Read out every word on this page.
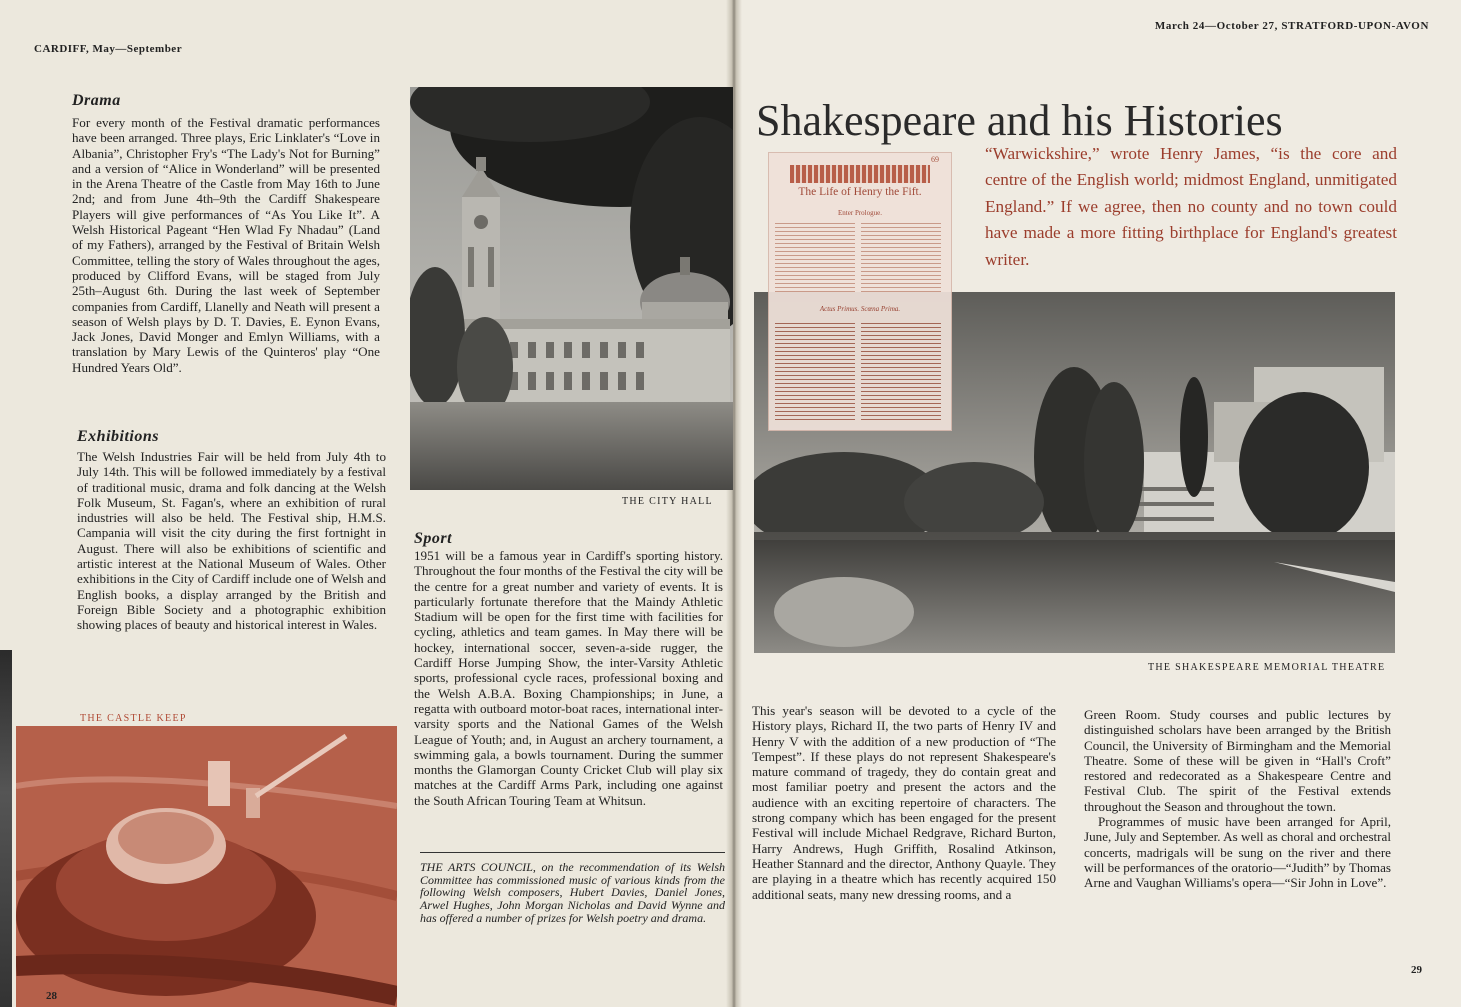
CARDIFF, May—September
Drama

For every month of the Festival dramatic performances have been arranged. Three plays, Eric Linklater's “Love in Albania”, Christopher Fry's “The Lady's Not for Burning” and a version of “Alice in Wonderland” will be presented in the Arena Theatre of the Castle from May 16th to June 2nd; and from June 4th–9th the Cardiff Shakespeare Players will give performances of “As You Like It”. A Welsh Historical Pageant “Hen Wlad Fy Nhadau” (Land of my Fathers), arranged by the Festival of Britain Welsh Committee, telling the story of Wales throughout the ages, produced by Clifford Evans, will be staged from July 25th–August 6th. During the last week of September companies from Cardiff, Llanelly and Neath will present a season of Welsh plays by D. T. Davies, E. Eynon Evans, Jack Jones, David Monger and Emlyn Williams, with a translation by Mary Lewis of the Quinteros' play “One Hundred Years Old”.

Exhibitions

The Welsh Industries Fair will be held from July 4th to July 14th. This will be followed immediately by a festival of traditional music, drama and folk dancing at the Welsh Folk Museum, St. Fagan's, where an exhibition of rural industries will also be held. The Festival ship, H.M.S. Campania will visit the city during the first fortnight in August. There will also be exhibitions of scientific and artistic interest at the National Museum of Wales. Other exhibitions in the City of Cardiff include one of Welsh and English books, a display arranged by the British and Foreign Bible Society and a photographic exhibition showing places of beauty and historical interest in Wales.

THE CITY HALL
Sport

1951 will be a famous year in Cardiff's sporting history. Throughout the four months of the Festival the city will be the centre for a great number and variety of events. It is particularly fortunate therefore that the Maindy Athletic Stadium will be open for the first time with facilities for cycling, athletics and team games. In May there will be hockey, international soccer, seven-a-side rugger, the Cardiff Horse Jumping Show, the inter-Varsity Athletic sports, professional cycle races, professional boxing and the Welsh A.B.A. Boxing Championships; in June, a regatta with outboard motor-boat races, international inter-varsity sports and the National Games of the Welsh League of Youth; and, in August an archery tournament, a swimming gala, a bowls tournament. During the summer months the Glamorgan County Cricket Club will play six matches at the Cardiff Arms Park, including one against the South African Touring Team at Whitsun.

THE CASTLE KEEP
THE ARTS COUNCIL, on the recommendation of its Welsh Committee has commissioned music of various kinds from the following Welsh composers, Hubert Davies, Daniel Jones, Arwel Hughes, John Morgan Nicholas and David Wynne and has offered a number of prizes for Welsh poetry and drama.
28
March 24—October 27, STRATFORD-UPON-AVON
Shakespeare and his Histories
“Warwickshire,” wrote Henry James, “is the core and centre of the English world; midmost England, unmitigated England.” If we agree, then no county and no town could have made a more fitting birthplace for England's greatest writer.
69
The Life of Henry the Fift.
Enter Prologue.
Actus Primus. Scœna Prima.
THE SHAKESPEARE MEMORIAL THEATRE

This year's season will be devoted to a cycle of the History plays, Richard II, the two parts of Henry IV and Henry V with the addition of a new production of “The Tempest”. If these plays do not represent Shakespeare's mature command of tragedy, they do contain great and most familiar poetry and present the actors and the audience with an exciting repertoire of characters. The strong company which has been engaged for the present Festival will include Michael Redgrave, Richard Burton, Harry Andrews, Hugh Griffith, Rosalind Atkinson, Heather Stannard and the director, Anthony Quayle. They are playing in a theatre which has recently acquired 150 additional seats, many new dressing rooms, and a

Green Room. Study courses and public lectures by distinguished scholars have been arranged by the British Council, the University of Birmingham and the Memorial Theatre. Some of these will be given in “Hall's Croft” restored and redecorated as a Shakespeare Centre and Festival Club. The spirit of the Festival extends throughout the Season and throughout the town.

Programmes of music have been arranged for April, June, July and September. As well as choral and orchestral concerts, madrigals will be sung on the river and there will be performances of the oratorio—“Judith” by Thomas Arne and Vaughan Williams's opera—“Sir John in Love”.

29
